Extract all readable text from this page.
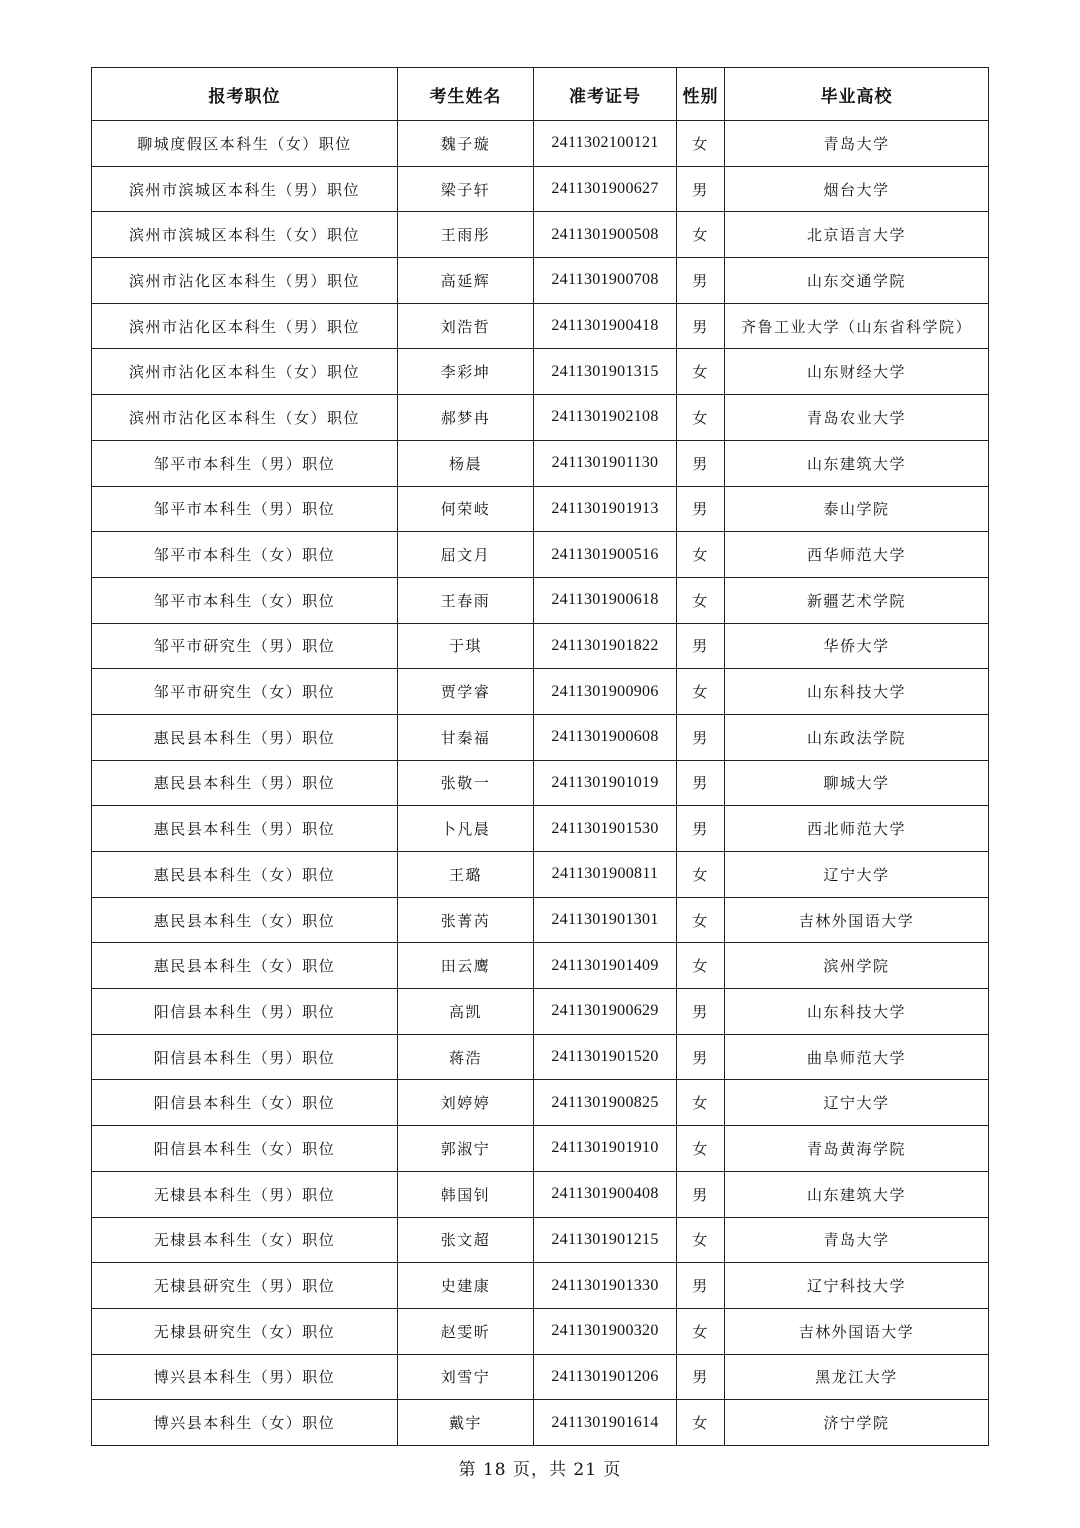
报考职位	考生姓名	准考证号	性别	毕业高校
聊城度假区本科生（女）职位	魏子璇	2411302100121	女	青岛大学
滨州市滨城区本科生（男）职位	梁子轩	2411301900627	男	烟台大学
滨州市滨城区本科生（女）职位	王雨彤	2411301900508	女	北京语言大学
滨州市沾化区本科生（男）职位	高延辉	2411301900708	男	山东交通学院
滨州市沾化区本科生（男）职位	刘浩哲	2411301900418	男	齐鲁工业大学（山东省科学院）
滨州市沾化区本科生（女）职位	李彩坤	2411301901315	女	山东财经大学
滨州市沾化区本科生（女）职位	郝梦冉	2411301902108	女	青岛农业大学
邹平市本科生（男）职位	杨晨	2411301901130	男	山东建筑大学
邹平市本科生（男）职位	何荣岐	2411301901913	男	泰山学院
邹平市本科生（女）职位	屈文月	2411301900516	女	西华师范大学
邹平市本科生（女）职位	王春雨	2411301900618	女	新疆艺术学院
邹平市研究生（男）职位	于琪	2411301901822	男	华侨大学
邹平市研究生（女）职位	贾学睿	2411301900906	女	山东科技大学
惠民县本科生（男）职位	甘秦福	2411301900608	男	山东政法学院
惠民县本科生（男）职位	张敬一	2411301901019	男	聊城大学
惠民县本科生（男）职位	卜凡晨	2411301901530	男	西北师范大学
惠民县本科生（女）职位	王璐	2411301900811	女	辽宁大学
惠民县本科生（女）职位	张菁芮	2411301901301	女	吉林外国语大学
惠民县本科生（女）职位	田云鹰	2411301901409	女	滨州学院
阳信县本科生（男）职位	高凯	2411301900629	男	山东科技大学
阳信县本科生（男）职位	蒋浩	2411301901520	男	曲阜师范大学
阳信县本科生（女）职位	刘婷婷	2411301900825	女	辽宁大学
阳信县本科生（女）职位	郭淑宁	2411301901910	女	青岛黄海学院
无棣县本科生（男）职位	韩国钊	2411301900408	男	山东建筑大学
无棣县本科生（女）职位	张文超	2411301901215	女	青岛大学
无棣县研究生（男）职位	史建康	2411301901330	男	辽宁科技大学
无棣县研究生（女）职位	赵雯昕	2411301900320	女	吉林外国语大学
博兴县本科生（男）职位	刘雪宁	2411301901206	男	黑龙江大学
博兴县本科生（女）职位	戴宇	2411301901614	女	济宁学院
第 18 页，共 21 页
